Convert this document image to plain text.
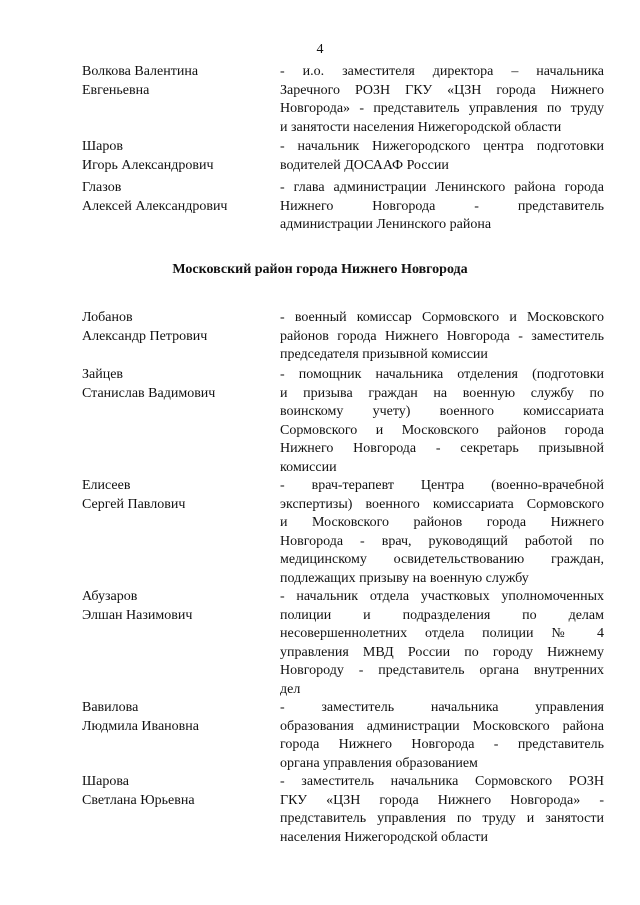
4
Волкова Валентина
Евгеньевна
- и.о. заместителя директора – начальника
Заречного РОЗН ГКУ «ЦЗН города Нижнего
Новгорода» - представитель управления по труду
и занятости населения Нижегородской области
Шаров
Игорь Александрович
- начальник Нижегородского центра подготовки
водителей ДОСААФ России
Глазов
Алексей Александрович
- глава администрации Ленинского района города
Нижнего Новгорода - представитель
администрации Ленинского района
Московский район города Нижнего Новгорода
Лобанов
Александр Петрович
- военный комиссар Сормовского и Московского
районов города Нижнего Новгорода - заместитель
председателя призывной комиссии
Зайцев
Станислав Вадимович
- помощник начальника отделения (подготовки
и призыва граждан на военную службу по
воинскому учету) военного комиссариата
Сормовского и Московского районов города
Нижнего Новгорода - секретарь призывной
комиссии
Елисеев
Сергей Павлович
- врач-терапевт Центра (военно-врачебной
экспертизы) военного комиссариата Сормовского
и Московского районов города Нижнего
Новгорода - врач, руководящий работой по
медицинскому освидетельствованию граждан,
подлежащих призыву на военную службу
Абузаров
Элшан Назимович
- начальник отдела участковых уполномоченных
полиции и подразделения по делам
несовершеннолетних отдела полиции № 4
управления МВД России по городу Нижнему
Новгороду - представитель органа внутренних
дел
Вавилова
Людмила Ивановна
- заместитель начальника управления
образования администрации Московского района
города Нижнего Новгорода - представитель
органа управления образованием
Шарова
Светлана Юрьевна
- заместитель начальника Сормовского РОЗН
ГКУ «ЦЗН города Нижнего Новгорода» -
представитель управления по труду и занятости
населения Нижегородской области
